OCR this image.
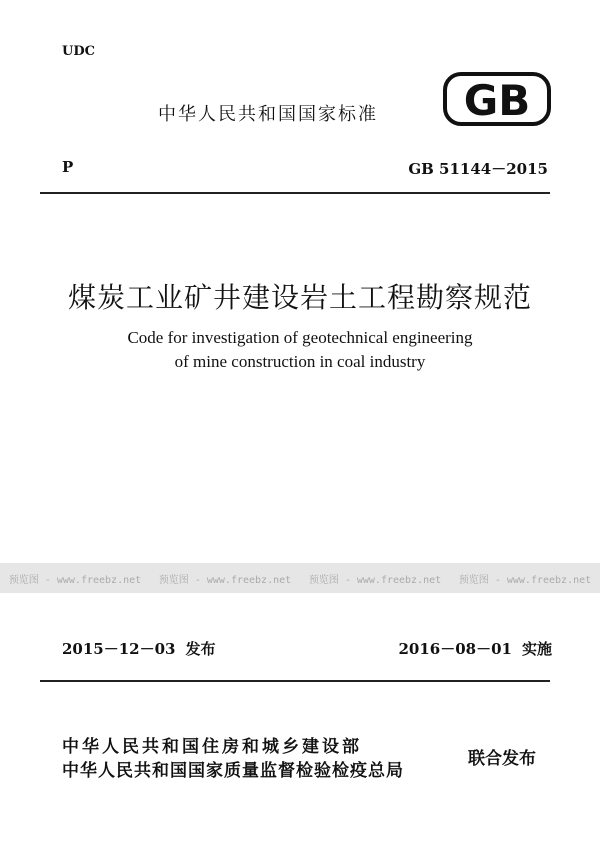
UDC
中华人民共和国国家标准 GB
P	GB 51144－2015
煤炭工业矿井建设岩土工程勘察规范
Code for investigation of geotechnical engineering
of mine construction in coal industry
预览图 - www.freebz.net 预览图 - www.freebz.net 预览图 - www.freebz.net 预览图 - www.freebz.net
2015－12－03 发布	2016－08－01 实施
中华人民共和国住房和城乡建设部
中华人民共和国国家质量监督检验检疫总局
联合发布
